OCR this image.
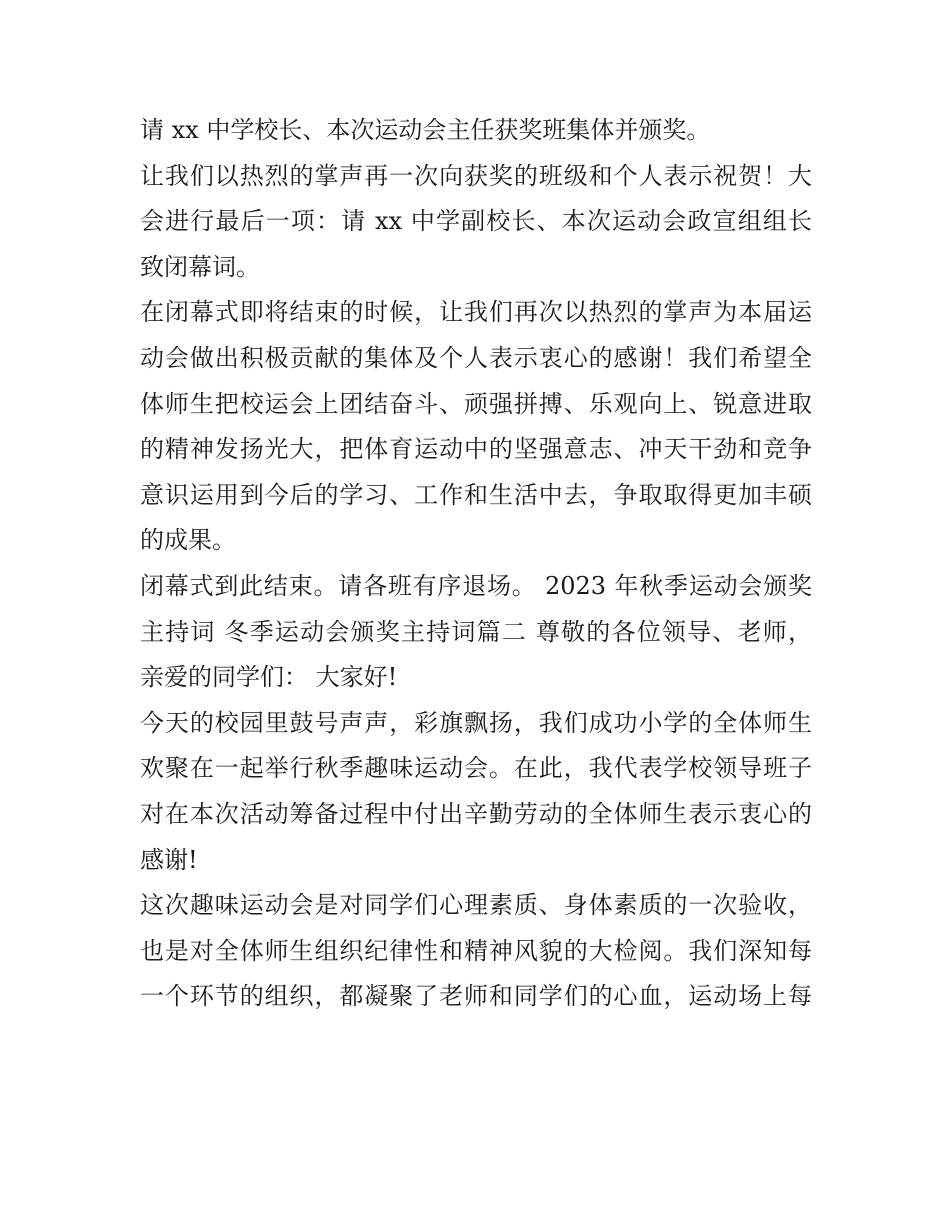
请 xx 中学校长、本次运动会主任获奖班集体并颁奖。
让我们以热烈的掌声再一次向获奖的班级和个人表示祝贺！大
会进行最后一项：请 xx 中学副校长、本次运动会政宣组组长
致闭幕词。
在闭幕式即将结束的时候，让我们再次以热烈的掌声为本届运
动会做出积极贡献的集体及个人表示衷心的感谢！我们希望全
体师生把校运会上团结奋斗、顽强拼搏、乐观向上、锐意进取
的精神发扬光大，把体育运动中的坚强意志、冲天干劲和竞争
意识运用到今后的学习、工作和生活中去，争取取得更加丰硕
的成果。
闭幕式到此结束。请各班有序退场。 2023 年秋季运动会颁奖
主持词 冬季运动会颁奖主持词篇二 尊敬的各位领导、老师，
亲爱的同学们： 大家好!
今天的校园里鼓号声声，彩旗飘扬，我们成功小学的全体师生
欢聚在一起举行秋季趣味运动会。在此，我代表学校领导班子
对在本次活动筹备过程中付出辛勤劳动的全体师生表示衷心的
感谢!
这次趣味运动会是对同学们心理素质、身体素质的一次验收，
也是对全体师生组织纪律性和精神风貌的大检阅。我们深知每
一个环节的组织，都凝聚了老师和同学们的心血，运动场上每
